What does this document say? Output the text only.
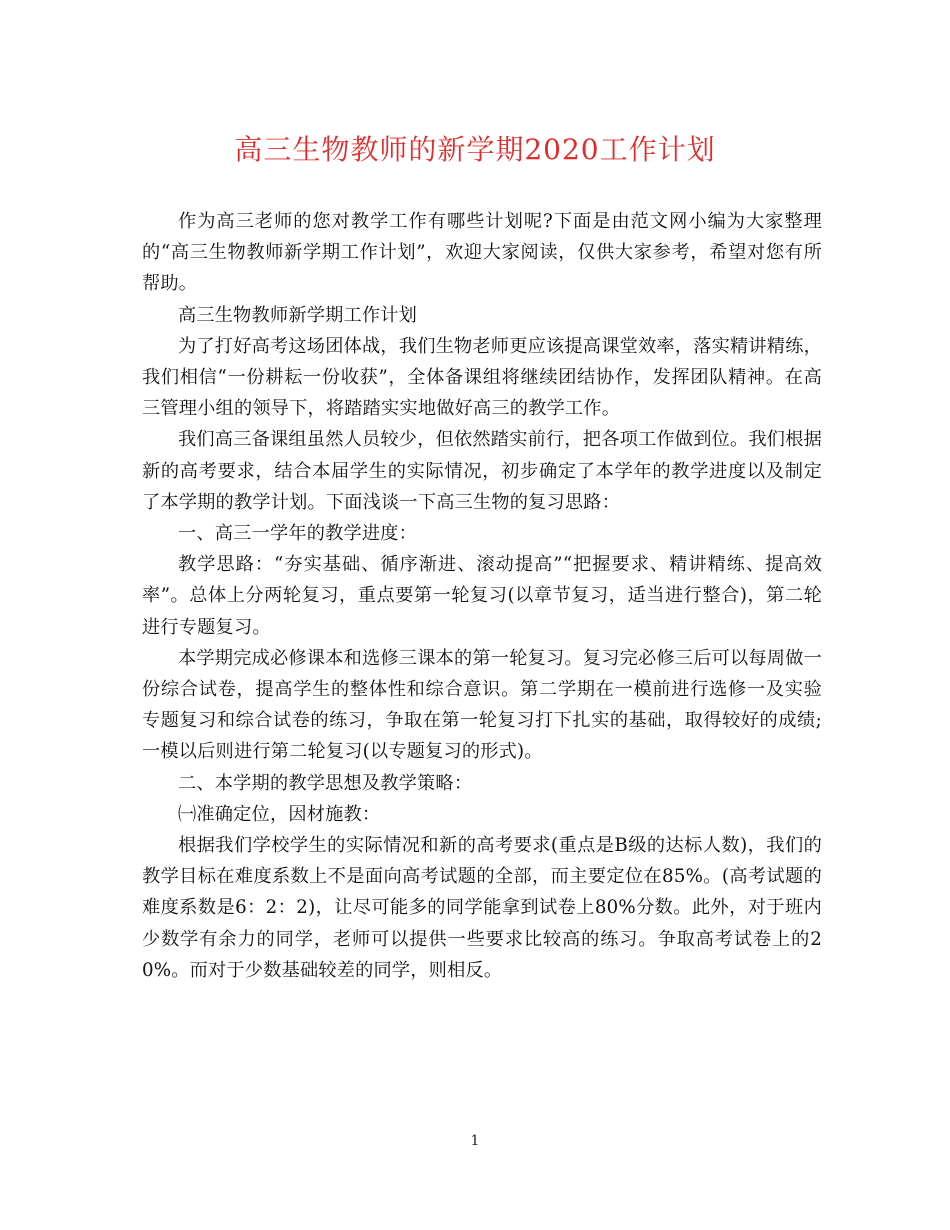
高三生物教师的新学期2020工作计划

作为高三老师的您对教学工作有哪些计划呢?下面是由范文网小编为大家整理的“高三生物教师新学期工作计划”，欢迎大家阅读，仅供大家参考，希望对您有所帮助。

高三生物教师新学期工作计划

为了打好高考这场团体战，我们生物老师更应该提高课堂效率，落实精讲精练，我们相信“一份耕耘一份收获”，全体备课组将继续团结协作，发挥团队精神。在高三管理小组的领导下，将踏踏实实地做好高三的教学工作。

我们高三备课组虽然人员较少，但依然踏实前行，把各项工作做到位。我们根据新的高考要求，结合本届学生的实际情况，初步确定了本学年的教学进度以及制定了本学期的教学计划。下面浅谈一下高三生物的复习思路：

一、高三一学年的教学进度：

教学思路：“夯实基础、循序渐进、滚动提高”“把握要求、精讲精练、提高效率”。总体上分两轮复习，重点要第一轮复习(以章节复习，适当进行整合)，第二轮进行专题复习。

本学期完成必修课本和选修三课本的第一轮复习。复习完必修三后可以每周做一份综合试卷，提高学生的整体性和综合意识。第二学期在一模前进行选修一及实验专题复习和综合试卷的练习，争取在第一轮复习打下扎实的基础，取得较好的成绩;一模以后则进行第二轮复习(以专题复习的形式)。

二、本学期的教学思想及教学策略：

㈠准确定位，因材施教：

根据我们学校学生的实际情况和新的高考要求(重点是B级的达标人数)，我们的教学目标在难度系数上不是面向高考试题的全部，而主要定位在85%。(高考试题的难度系数是6：2：2)，让尽可能多的同学能拿到试卷上80%分数。此外，对于班内少数学有余力的同学，老师可以提供一些要求比较高的练习。争取高考试卷上的20%。而对于少数基础较差的同学，则相反。

1
